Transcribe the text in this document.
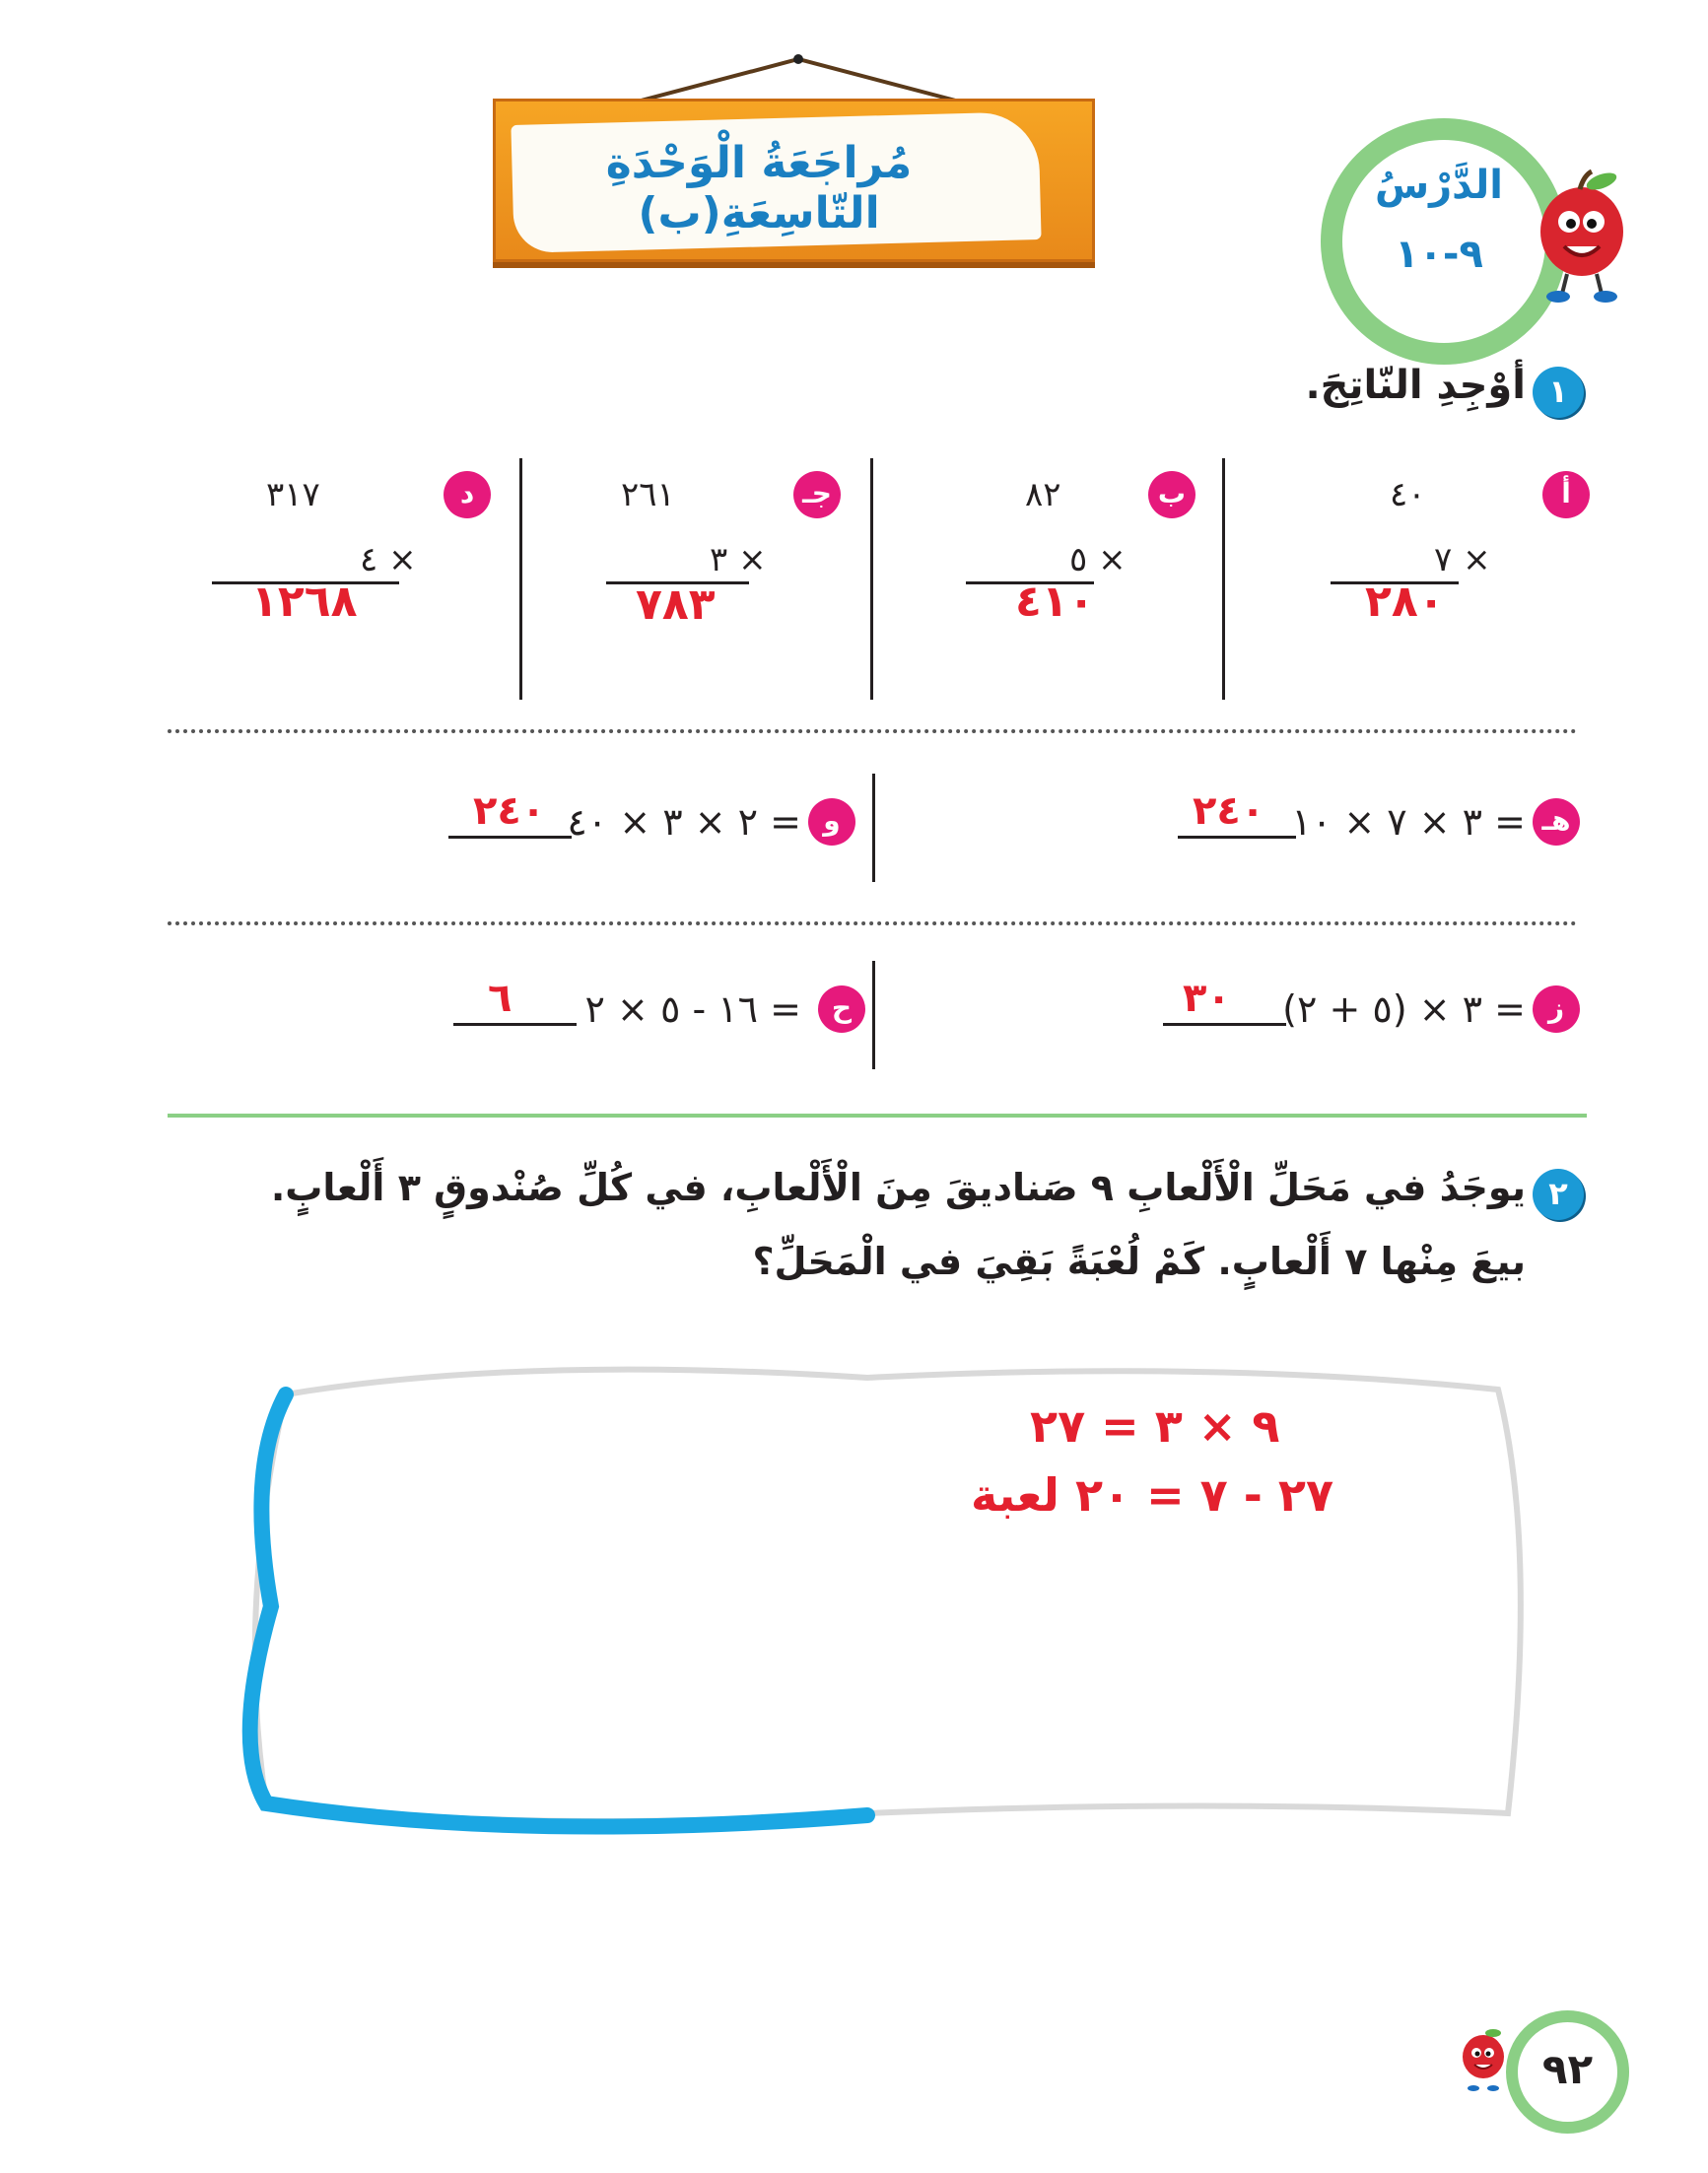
مُراجَعَةُ الْوَحْدَةِ التّاسِعَةِ(ب)
الدَّرْسُ
٩-١٠
١
أوْجِدِ النّاتِجَ.
أ
٤٠
× ٧
٢٨٠
ب
٨٢
× ٥
٤١٠
جـ
٢٦١
× ٣
٧٨٣
د
٣١٧
× ٤
١٢٦٨
هـ
٣ × ٧ × ١٠ =
٢٤٠
و
٢ × ٣ × ٤٠ =
٢٤٠
ز
٣ × (٥ + ٢) =
٣٠
ح
١٦ - ٥ × ٢ =
٦
٢
يوجَدُ في مَحَلِّ الْأَلْعابِ ٩ صَناديقَ مِنَ الْأَلْعابِ، في كُلِّ صُنْدوقٍ ٣ أَلْعابٍ.
بيعَ مِنْها ٧ أَلْعابٍ. كَمْ لُعْبَةً بَقِيَ في الْمَحَلِّ؟
٩ × ٣ = ٢٧
٢٧ - ٧ = ٢٠ لعبة
٩٢
